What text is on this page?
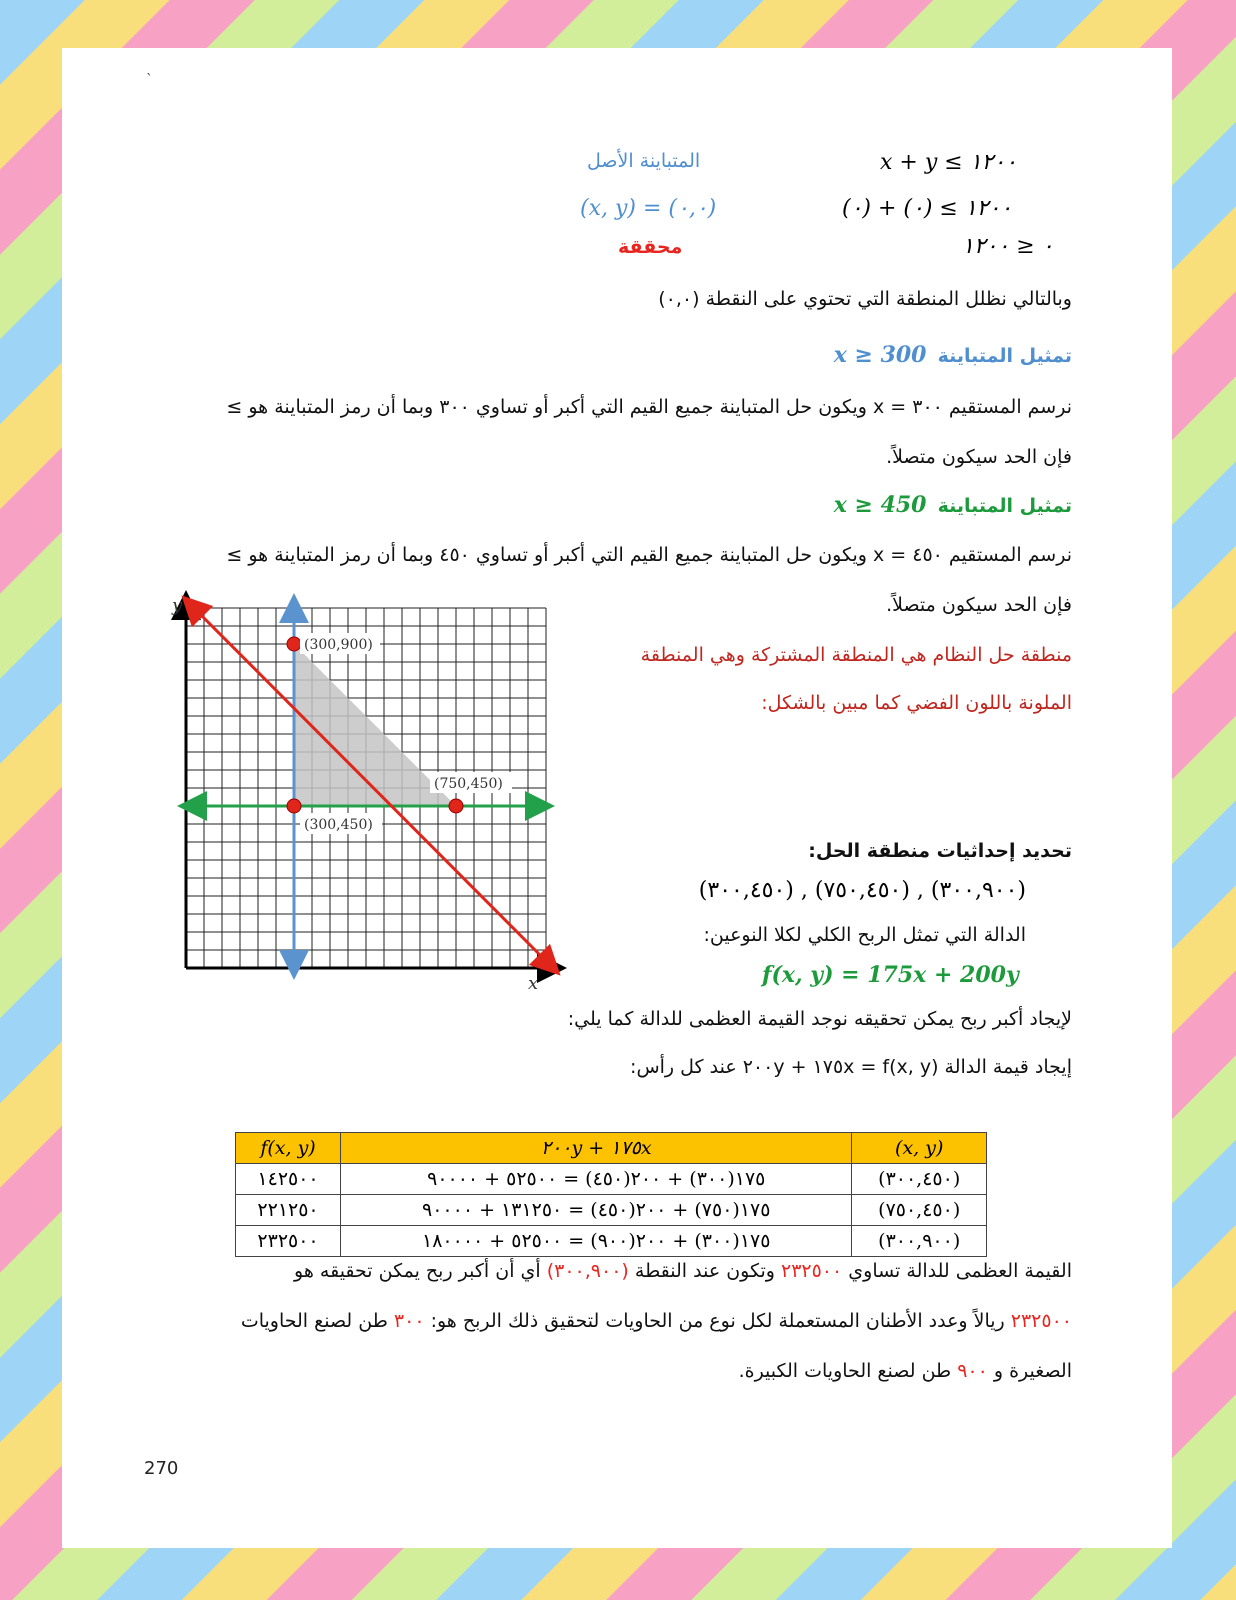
`
المتباينة الأصل	x + y ≤ ١٢٠٠
(x, y) = (٠,٠)	(٠) + (٠) ≤ ١٢٠٠
محققة	٠ ≤ ١٢٠٠
وبالتالي نظلل المنطقة التي تحتوي على النقطة (٠,٠)
تمثيل المتباينة x ≥ 300
نرسم المستقيم ٣٠٠ = x ويكون حل المتباينة جميع القيم التي أكبر أو تساوي ٣٠٠ وبما أن رمز المتباينة هو ≥
فإن الحد سيكون متصلاً.
تمثيل المتباينة x ≥ 450
نرسم المستقيم ٤٥٠ = x ويكون حل المتباينة جميع القيم التي أكبر أو تساوي ٤٥٠ وبما أن رمز المتباينة هو ≥
فإن الحد سيكون متصلاً.
منطقة حل النظام هي المنطقة المشتركة وهي المنطقة
الملونة باللون الفضي كما مبين بالشكل:
(300,900)
(750,450)
(300,450)
y
x
تحديد إحداثيات منطقة الحل:
(٣٠٠,٩٠٠) , (٧٥٠,٤٥٠) , (٣٠٠,٤٥٠)
الدالة التي تمثل الربح الكلي لكلا النوعين:
f(x, y) = 175x + 200y
لإيجاد أكبر ربح يمكن تحقيقه نوجد القيمة العظمى للدالة كما يلي:
إيجاد قيمة الدالة f(x, y) = ١٧٥x + ٢٠٠y عند كل رأس:
(x, y)	١٧٥x + ٢٠٠y	f(x, y)
(٣٠٠,٤٥٠)	١٧٥(٣٠٠) + ٢٠٠(٤٥٠) = ٥٢٥٠٠ + ٩٠٠٠٠	١٤٢٥٠٠
(٧٥٠,٤٥٠)	١٧٥(٧٥٠) + ٢٠٠(٤٥٠) = ١٣١٢٥٠ + ٩٠٠٠٠	٢٢١٢٥٠
(٣٠٠,٩٠٠)	١٧٥(٣٠٠) + ٢٠٠(٩٠٠) = ٥٢٥٠٠ + ١٨٠٠٠٠	٢٣٢٥٠٠
القيمة العظمى للدالة تساوي ٢٣٢٥٠٠ وتكون عند النقطة (٣٠٠,٩٠٠) أي أن أكبر ربح يمكن تحقيقه هو
٢٣٢٥٠٠ ريالاً وعدد الأطنان المستعملة لكل نوع من الحاويات لتحقيق ذلك الربح هو: ٣٠٠ طن لصنع الحاويات
الصغيرة و ٩٠٠ طن لصنع الحاويات الكبيرة.
270
